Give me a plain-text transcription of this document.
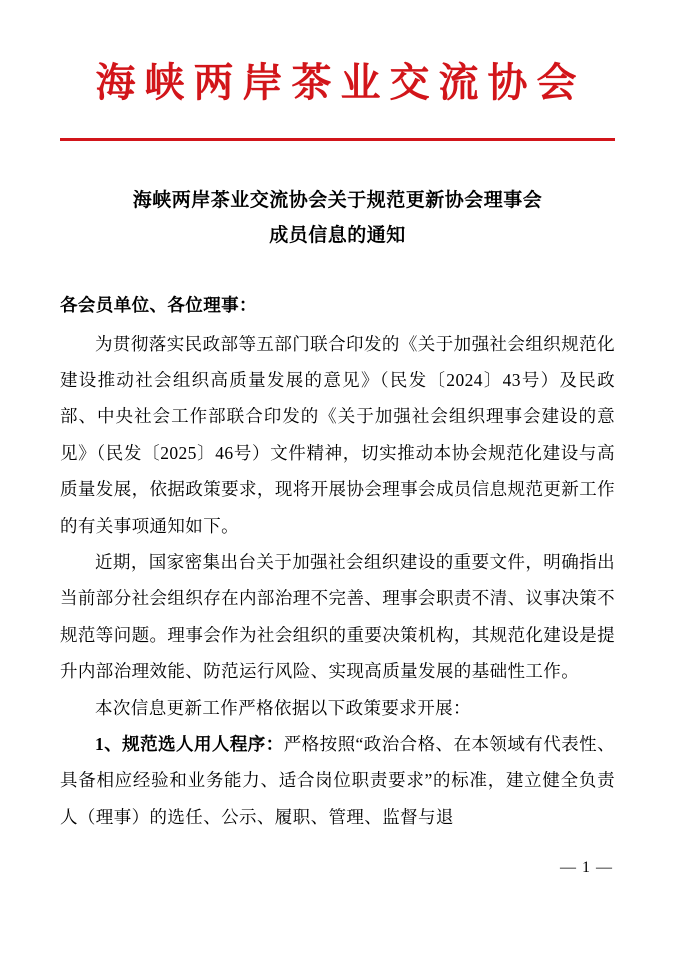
海峡两岸茶业交流协会
海峡两岸茶业交流协会关于规范更新协会理事会
成员信息的通知
各会员单位、各位理事：

为贯彻落实民政部等五部门联合印发的《关于加强社会组织规范化建设推动社会组织高质量发展的意见》（民发〔2024〕43号）及民政部、中央社会工作部联合印发的《关于加强社会组织理事会建设的意见》（民发〔2025〕46号）文件精神，切实推动本协会规范化建设与高质量发展，依据政策要求，现将开展协会理事会成员信息规范更新工作的有关事项通知如下。

近期，国家密集出台关于加强社会组织建设的重要文件，明确指出当前部分社会组织存在内部治理不完善、理事会职责不清、议事决策不规范等问题。理事会作为社会组织的重要决策机构，其规范化建设是提升内部治理效能、防范运行风险、实现高质量发展的基础性工作。

本次信息更新工作严格依据以下政策要求开展：

1、规范选人用人程序：严格按照“政治合格、在本领域有代表性、具备相应经验和业务能力、适合岗位职责要求”的标准，建立健全负责人（理事）的选任、公示、履职、管理、监督与退

— 1 —
